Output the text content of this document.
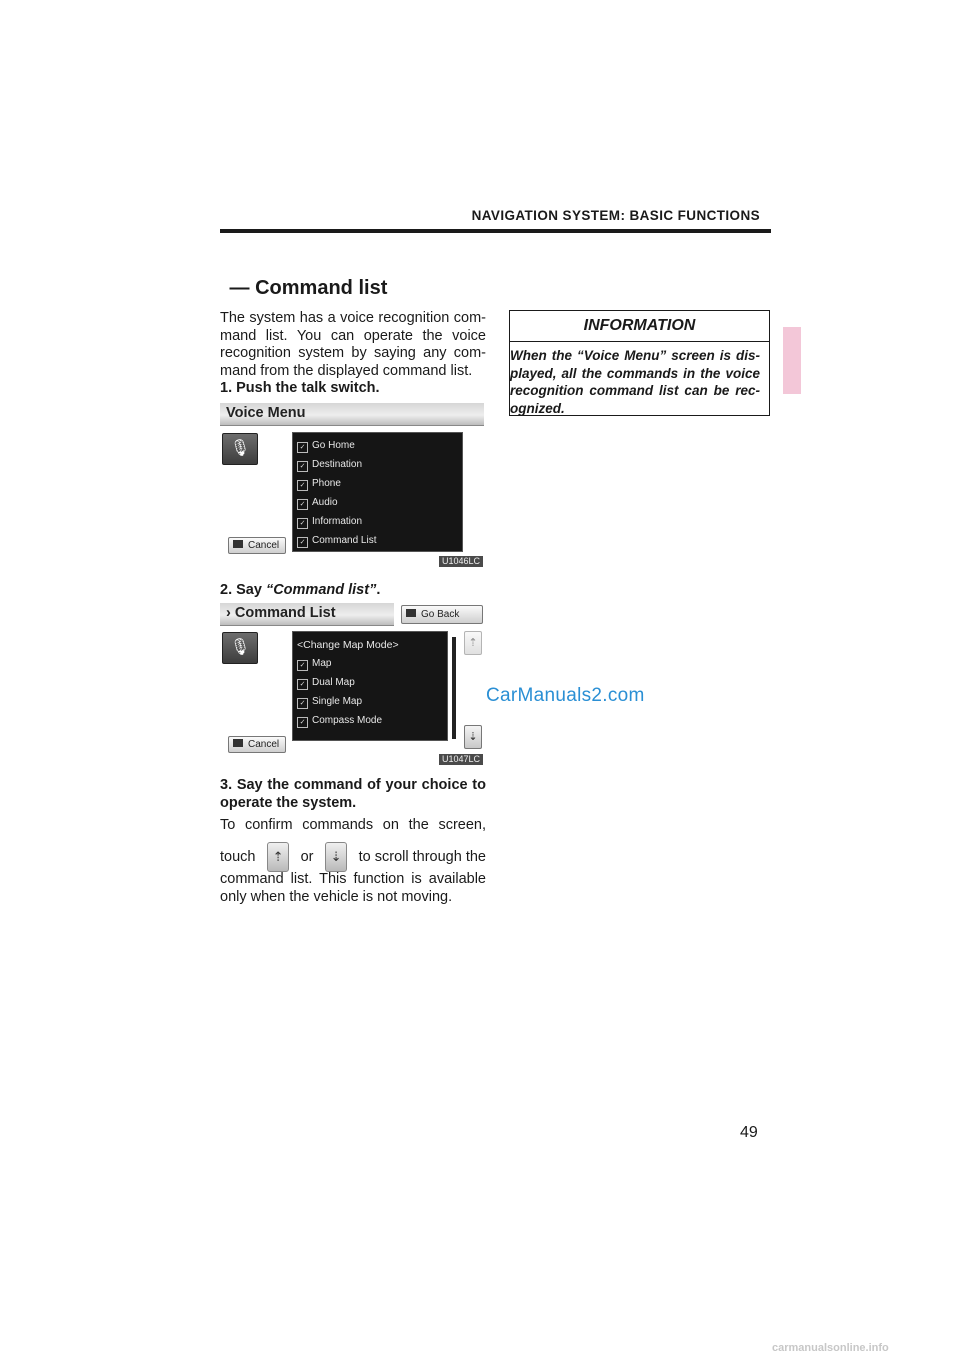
NAVIGATION SYSTEM: BASIC FUNCTIONS
— Command list

The system has a voice recognition com-

mand list. You can operate the voice

recognition system by saying any com-

mand from the displayed command list.

1. Push the talk switch.
Voice Menu
🎙	✓ Go Home
✓ Destination
✓ Phone
✓ Audio
✓ Information
✓ Command List
Cancel
U1046LC
2. Say “Command list”.
› Command List	Go Back
🎙	<Change Map Mode>
✓ Map
✓ Dual Map
✓ Single Map
✓ Compass Mode
⇡
⇣
Cancel
U1047LC
3. Say the command of your choice to
operate the system.

To confirm commands on the screen,

touch	⇡	or	⇣	to scroll through the

command list. This function is available

only when the vehicle is not moving.

INFORMATION
When the “Voice Menu” screen is dis-
played, all the commands in the voice
recognition command list can be rec-
ognized.
CarManuals2.com
49
carmanualsonline.info
